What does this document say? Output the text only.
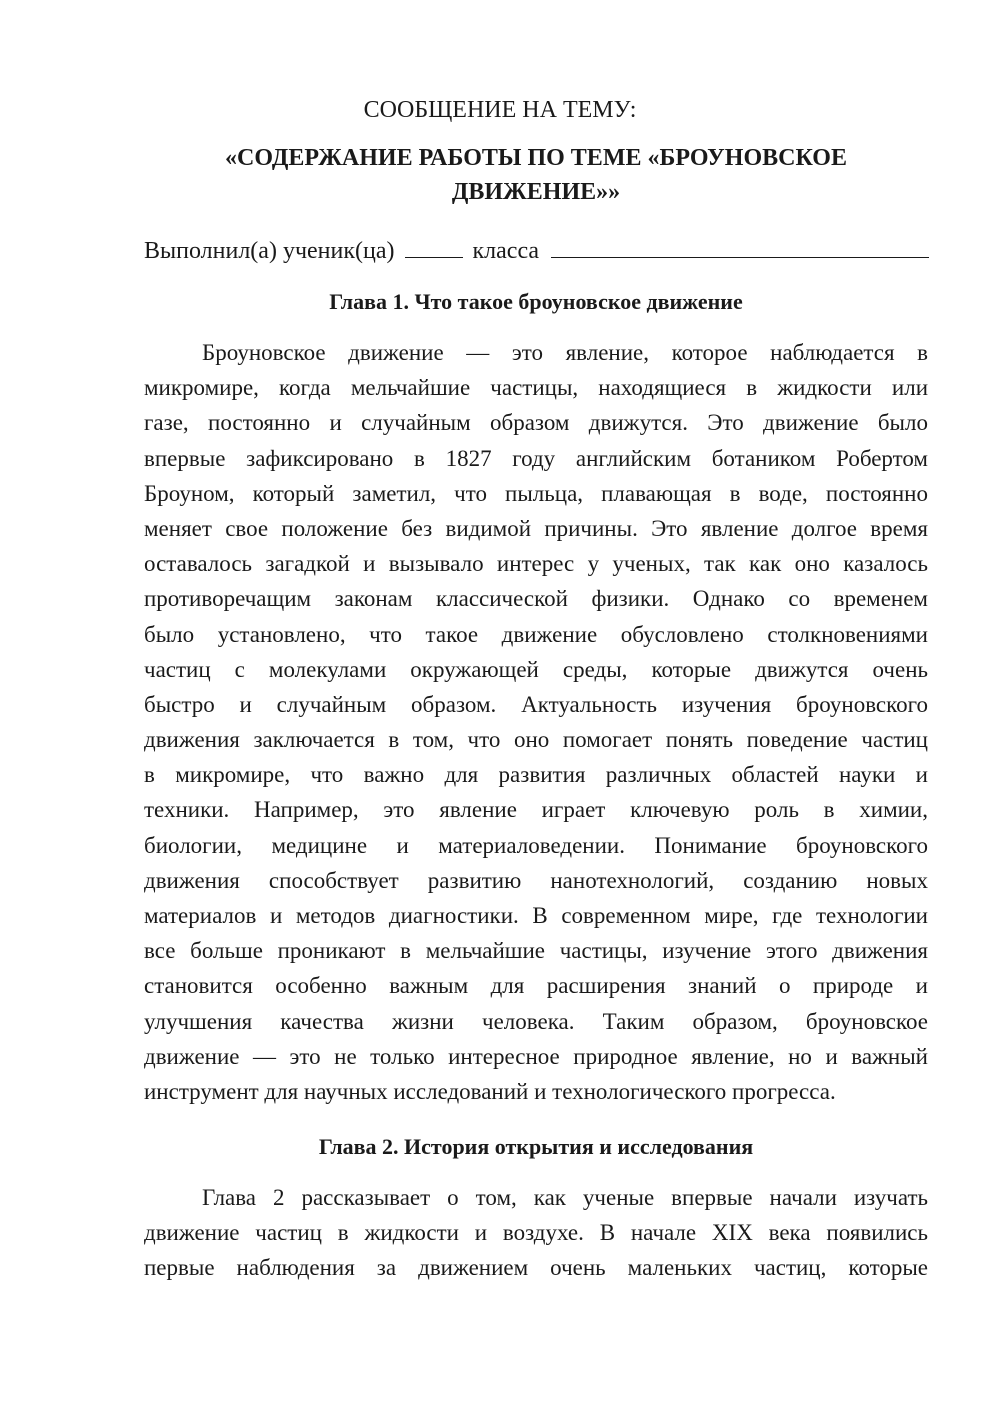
СООБЩЕНИЕ НА ТЕМУ:

«СОДЕРЖАНИЕ РАБОТЫ ПО ТЕМЕ «БРОУНОВСКОЕ

ДВИЖЕНИЕ»»

Выполнил(а) ученик(ца)	класса

Глава 1. Что такое броуновское движение

Броуновское движение — это явление, которое наблюдается в
микромире, когда мельчайшие частицы, находящиеся в жидкости или
газе, постоянно и случайным образом движутся. Это движение было
впервые зафиксировано в 1827 году английским ботаником Робертом
Броуном, который заметил, что пыльца, плавающая в воде, постоянно
меняет свое положение без видимой причины. Это явление долгое время
оставалось загадкой и вызывало интерес у ученых, так как оно казалось
противоречащим законам классической физики. Однако со временем
было установлено, что такое движение обусловлено столкновениями
частиц с молекулами окружающей среды, которые движутся очень
быстро и случайным образом. Актуальность изучения броуновского
движения заключается в том, что оно помогает понять поведение частиц
в микромире, что важно для развития различных областей науки и
техники. Например, это явление играет ключевую роль в химии,
биологии, медицине и материаловедении. Понимание броуновского
движения способствует развитию нанотехнологий, созданию новых
материалов и методов диагностики. В современном мире, где технологии
все больше проникают в мельчайшие частицы, изучение этого движения
становится особенно важным для расширения знаний о природе и
улучшения качества жизни человека. Таким образом, броуновское
движение — это не только интересное природное явление, но и важный
инструмент для научных исследований и технологического прогресса.

Глава 2. История открытия и исследования

Глава 2 рассказывает о том, как ученые впервые начали изучать
движение частиц в жидкости и воздухе. В начале XIX века появились
первые наблюдения за движением очень маленьких частиц, которые
